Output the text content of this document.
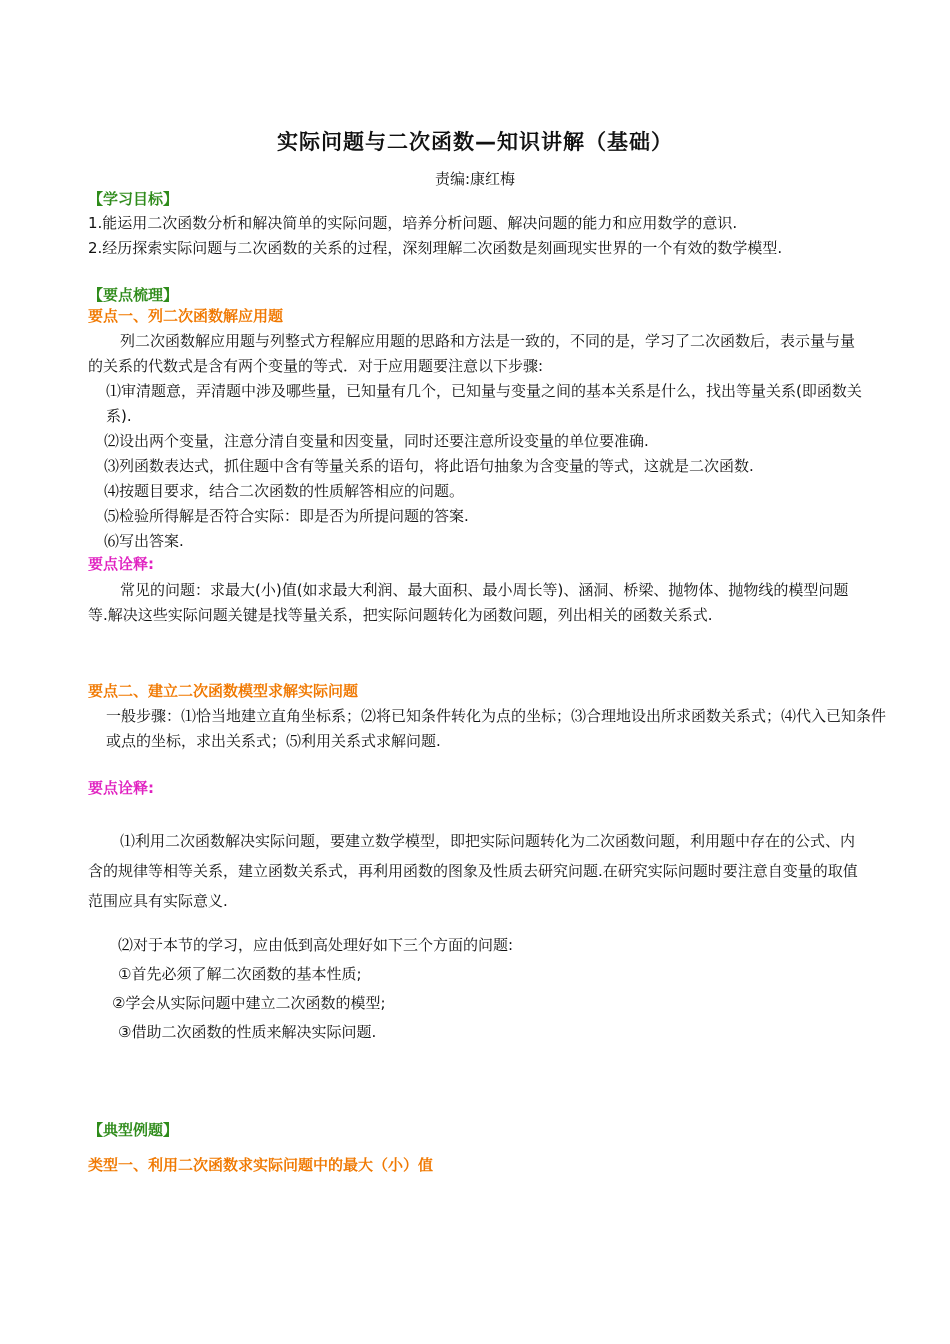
实际问题与二次函数—知识讲解（基础）
责编:康红梅
【学习目标】
1.能运用二次函数分析和解决简单的实际问题，培养分析问题、解决问题的能力和应用数学的意识.
2.经历探索实际问题与二次函数的关系的过程，深刻理解二次函数是刻画现实世界的一个有效的数学模型.
【要点梳理】
要点一、列二次函数解应用题
列二次函数解应用题与列整式方程解应用题的思路和方法是一致的，不同的是，学习了二次函数后，表示量与量的关系的代数式是含有两个变量的等式．对于应用题要注意以下步骤:
⑴审清题意，弄清题中涉及哪些量，已知量有几个，已知量与变量之间的基本关系是什么，找出等量关系(即函数关系).
⑵设出两个变量，注意分清自变量和因变量，同时还要注意所设变量的单位要准确.
⑶列函数表达式，抓住题中含有等量关系的语句，将此语句抽象为含变量的等式，这就是二次函数.
⑷按题目要求，结合二次函数的性质解答相应的问题。
⑸检验所得解是否符合实际：即是否为所提问题的答案.
⑹写出答案.
要点诠释:
常见的问题：求最大(小)值(如求最大利润、最大面积、最小周长等)、涵洞、桥梁、抛物体、抛物线的模型问题等.解决这些实际问题关键是找等量关系，把实际问题转化为函数问题，列出相关的函数关系式.
要点二、建立二次函数模型求解实际问题
一般步骤：⑴恰当地建立直角坐标系；⑵将已知条件转化为点的坐标；⑶合理地设出所求函数关系式；⑷代入已知条件或点的坐标，求出关系式；⑸利用关系式求解问题.
要点诠释:
⑴利用二次函数解决实际问题，要建立数学模型，即把实际问题转化为二次函数问题，利用题中存在的公式、内含的规律等相等关系，建立函数关系式，再利用函数的图象及性质去研究问题.在研究实际问题时要注意自变量的取值范围应具有实际意义.
⑵对于本节的学习，应由低到高处理好如下三个方面的问题:
①首先必须了解二次函数的基本性质;
②学会从实际问题中建立二次函数的模型;
③借助二次函数的性质来解决实际问题.
【典型例题】
类型一、利用二次函数求实际问题中的最大（小）值
